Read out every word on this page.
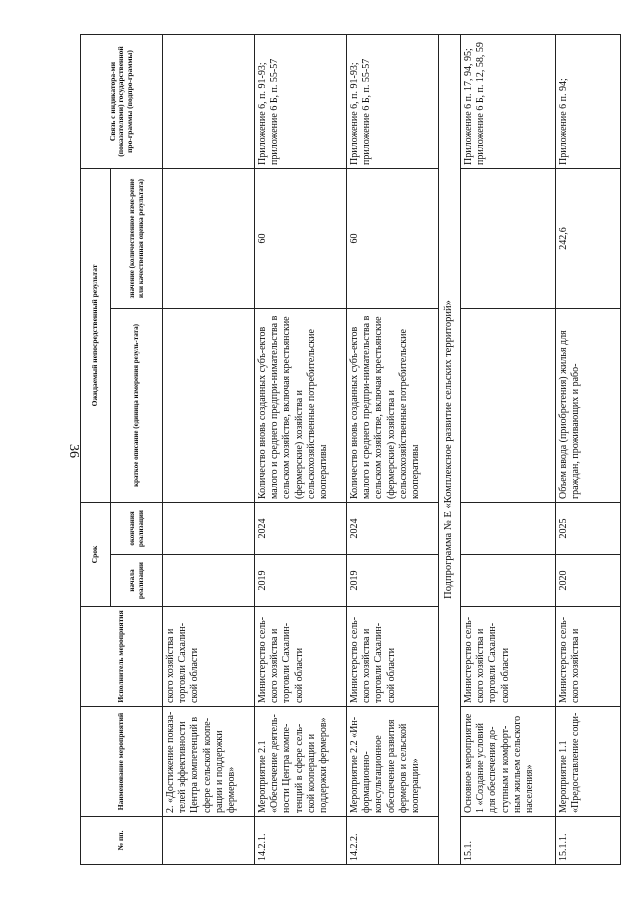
36
№ пп.	Наименование мероприятий	Исполнитель мероприятия	Срок		Ожидаемый непосредственный результат		Связь с индикатора-ми (показателями) государственной про-граммы (подпро-граммы)
			начала реализации	окончания реализации	краткое описание (единица измерения резуль-тата)	значение (количественное изме-рение или качественная оценка результата)	
	2. «Достижение показа-телей эффективности Центра компетенций в сфере сельской коопе-рации и поддержки фермеров»	ского хозяйства и торговли Сахалин-ской области					
14.2.1.	Мероприятие 2.1 «Обеспечение деятель-ности Центра компе-тенций в сфере сель-ской кооперации и поддержки фермеров»	Министерство сель-ского хозяйства и торговли Сахалин-ской области	2019	2024	Количество вновь созданных субъ-ектов малого и среднего предпри-нимательства в сельском хозяйстве, включая крестьянские (фермерские) хозяйства и сельскохозяйственные потребительские кооперативы	60	Приложение 6, п. 91-93; приложение 6 Б, п. 55-57
14.2.2.	Мероприятие 2.2 «Ин-формационно-консультационное обеспечение развития фермеров и сельской кооперации»	Министерство сель-ского хозяйства и торговли Сахалин-ской области	2019	2024	Количество вновь созданных субъ-ектов малого и среднего предпри-нимательства в сельском хозяйстве, включая крестьянские (фермерские) хозяйства и сельскохозяйственные потребительские кооперативы	60	Приложение 6, п. 91-93; приложение 6 Б, п. 55-57
Подпрограмма № Е «Комплексное развитие сельских территорий»							
15.1.	Основное мероприятие 1 «Создание условий для обеспечения до-ступным и комфорт-ным жильем сельского населения»	Министерство сель-ского хозяйства и торговли Сахалин-ской области					Приложение 6 п. 17, 94, 95; приложение 6 Б, п. 12, 58, 59
15.1.1.	Мероприятие 1.1 «Предоставление соци-	Министерство сель-ского хозяйства и	2020	2025	Объем ввода (приобретения) жилья для граждан, проживающих и рабо-	242,6	Приложение 6 п. 94;
